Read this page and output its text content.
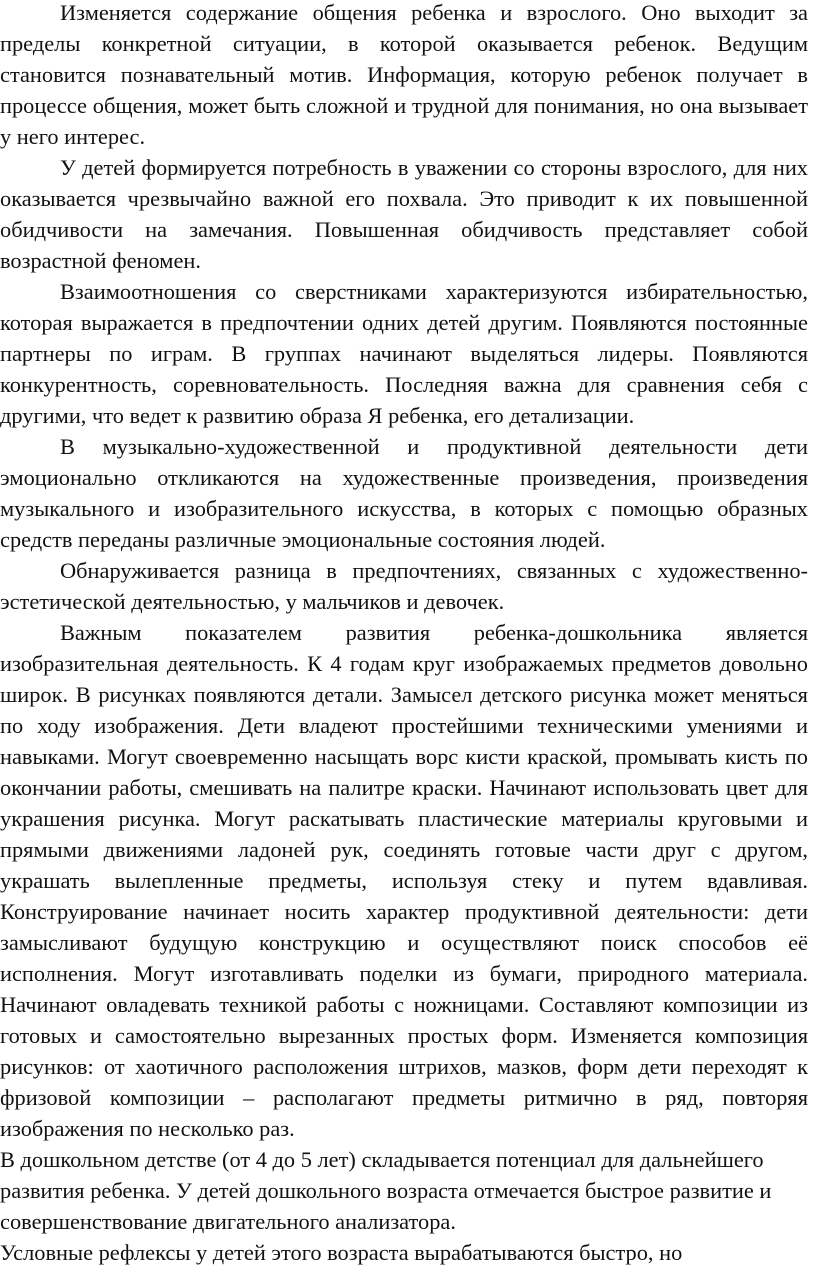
Изменяется содержание общения ребенка и взрослого. Оно выходит за пределы конкретной ситуации, в которой оказывается ребенок. Ведущим становится познавательный мотив. Информация, которую ребенок получает в процессе общения, может быть сложной и трудной для понимания, но она вызывает у него интерес.

У детей формируется потребность в уважении со стороны взрослого, для них оказывается чрезвычайно важной его похвала. Это приводит к их повышенной обидчивости на замечания. Повышенная обидчивость представляет собой возрастной феномен.

Взаимоотношения со сверстниками характеризуются избирательностью, которая выражается в предпочтении одних детей другим. Появляются постоянные партнеры по играм. В группах начинают выделяться лидеры. Появляются конкурентность, соревновательность. Последняя важна для сравнения себя с другими, что ведет к развитию образа Я ребенка, его детализации.

В музыкально-художественной и продуктивной деятельности дети эмоционально откликаются на художественные произведения, произведения музыкального и изобразительного искусства, в которых с помощью образных средств переданы различные эмоциональные состояния людей.

Обнаруживается разница в предпочтениях, связанных с художественно-эстетической деятельностью, у мальчиков и девочек.

Важным показателем развития ребенка-дошкольника является изобразительная деятельность. К 4 годам круг изображаемых предметов довольно широк. В рисунках появляются детали. Замысел детского рисунка может меняться по ходу изображения. Дети владеют простейшими техническими умениями и навыками. Могут своевременно насыщать ворс кисти краской, промывать кисть по окончании работы, смешивать на палитре краски. Начинают использовать цвет для украшения рисунка. Могут раскатывать пластические материалы круговыми и прямыми движениями ладоней рук, соединять готовые части друг с другом, украшать вылепленные предметы, используя стеку и путем вдавливая. Конструирование начинает носить характер продуктивной деятельности: дети замысливают будущую конструкцию и осуществляют поиск способов её исполнения. Могут изготавливать поделки из бумаги, природного материала. Начинают овладевать техникой работы с ножницами. Составляют композиции из готовых и самостоятельно вырезанных простых форм. Изменяется композиция рисунков: от хаотичного расположения штрихов, мазков, форм дети переходят к фризовой композиции – располагают предметы ритмично в ряд, повторяя изображения по несколько раз.

В дошкольном детстве (от 4 до 5 лет) складывается потенциал для дальнейшего развития ребенка. У детей дошкольного возраста отмечается быстрое развитие и совершенствование двигательного анализатора.

Условные рефлексы у детей этого возраста вырабатываются быстро, но
